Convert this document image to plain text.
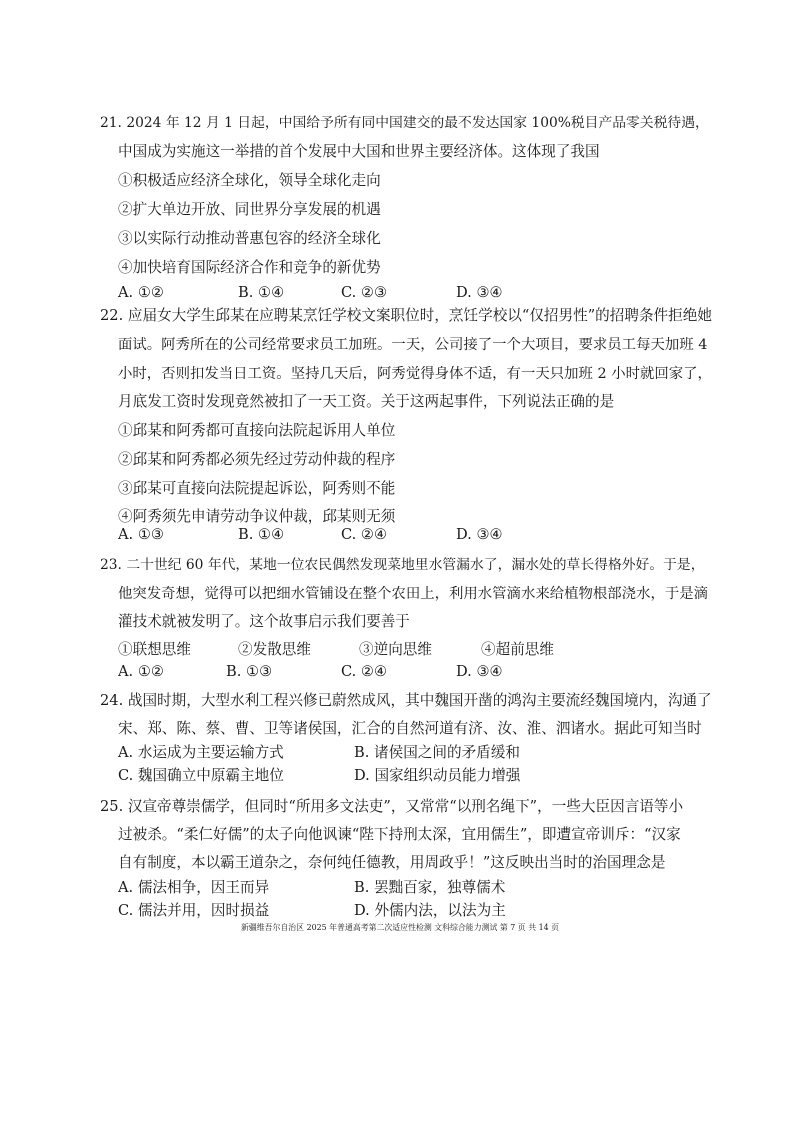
21. 2024 年 12 月 1 日起，中国给予所有同中国建交的最不发达国家 100%税目产品零关税待遇，
中国成为实施这一举措的首个发展中大国和世界主要经济体。这体现了我国
①积极适应经济全球化，领导全球化走向
②扩大单边开放、同世界分享发展的机遇
③以实际行动推动普惠包容的经济全球化
④加快培育国际经济合作和竞争的新优势
A. ①②	B. ①④	C. ②③	D. ③④
22. 应届女大学生邱某在应聘某烹饪学校文案职位时，烹饪学校以“仅招男性”的招聘条件拒绝她
面试。阿秀所在的公司经常要求员工加班。一天，公司接了一个大项目，要求员工每天加班 4
小时，否则扣发当日工资。坚持几天后，阿秀觉得身体不适，有一天只加班 2 小时就回家了，
月底发工资时发现竟然被扣了一天工资。关于这两起事件，下列说法正确的是
①邱某和阿秀都可直接向法院起诉用人单位
②邱某和阿秀都必须先经过劳动仲裁的程序
③邱某可直接向法院提起诉讼，阿秀则不能
④阿秀须先申请劳动争议仲裁，邱某则无须
A. ①③	B. ①④	C. ②④	D. ③④
23. 二十世纪 60 年代，某地一位农民偶然发现菜地里水管漏水了，漏水处的草长得格外好。于是，
他突发奇想，觉得可以把细水管铺设在整个农田上，利用水管滴水来给植物根部浇水，于是滴
灌技术就被发明了。这个故事启示我们要善于
①联想思维	②发散思维	③逆向思维	④超前思维
A. ①②	B. ①③	C. ②④	D. ③④
24. 战国时期，大型水利工程兴修已蔚然成风，其中魏国开凿的鸿沟主要流经魏国境内，沟通了
宋、郑、陈、蔡、曹、卫等诸侯国，汇合的自然河道有济、汝、淮、泗诸水。据此可知当时
A. 水运成为主要运输方式	B. 诸侯国之间的矛盾缓和
C. 魏国确立中原霸主地位	D. 国家组织动员能力增强
25. 汉宣帝尊崇儒学，但同时“所用多文法吏”，又常常“以刑名绳下”，一些大臣因言语等小
过被杀。“柔仁好儒”的太子向他讽谏“陛下持刑太深，宜用儒生”，即遭宣帝训斥：“汉家
自有制度，本以霸王道杂之，奈何纯任德教，用周政乎！”这反映出当时的治国理念是
A. 儒法相争，因王而异	B. 罢黜百家，独尊儒术
C. 儒法并用，因时损益	D. 外儒内法，以法为主
新疆维吾尔自治区 2025 年普通高考第二次适应性检测 文科综合能力测试 第 7 页 共 14 页
